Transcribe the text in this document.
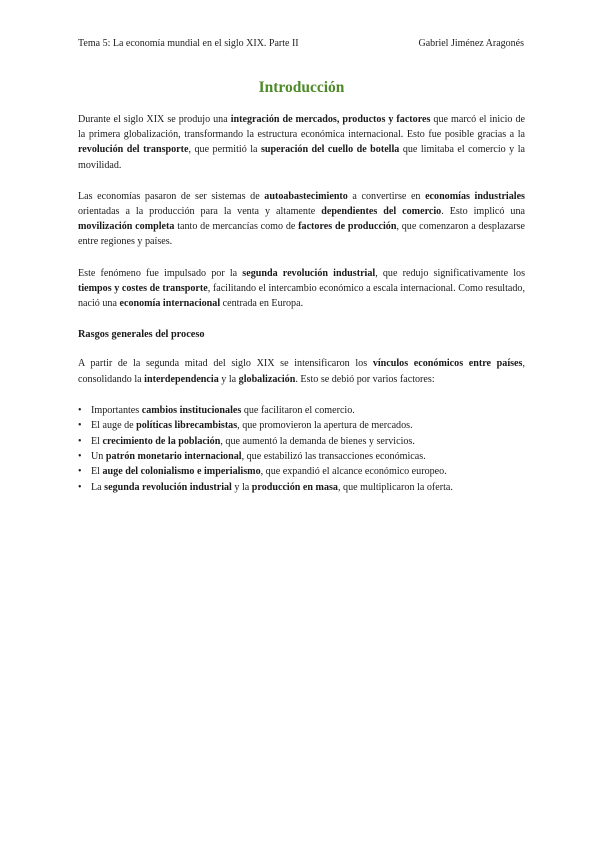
Tema 5: La economía mundial en el siglo XIX. Parte II	Gabriel Jiménez Aragonés
Introducción

Durante el siglo XIX se produjo una integración de mercados, productos y factores que marcó el inicio de la primera globalización, transformando la estructura económica internacional. Esto fue posible gracias a la revolución del transporte, que permitió la superación del cuello de botella que limitaba el comercio y la movilidad.

Las economías pasaron de ser sistemas de autoabastecimiento a convertirse en economías industriales orientadas a la producción para la venta y altamente dependientes del comercio. Esto implicó una movilización completa tanto de mercancías como de factores de producción, que comenzaron a desplazarse entre regiones y países.

Este fenómeno fue impulsado por la segunda revolución industrial, que redujo significativamente los tiempos y costes de transporte, facilitando el intercambio económico a escala internacional. Como resultado, nació una economía internacional centrada en Europa.

Rasgos generales del proceso

A partir de la segunda mitad del siglo XIX se intensificaron los vínculos económicos entre países, consolidando la interdependencia y la globalización. Esto se debió por varios factores:

• Importantes cambios institucionales que facilitaron el comercio.
• El auge de políticas librecambistas, que promovieron la apertura de mercados.
• El crecimiento de la población, que aumentó la demanda de bienes y servicios.
• Un patrón monetario internacional, que estabilizó las transacciones económicas.
• El auge del colonialismo e imperialismo, que expandió el alcance económico europeo.
• La segunda revolución industrial y la producción en masa, que multiplicaron la oferta.
